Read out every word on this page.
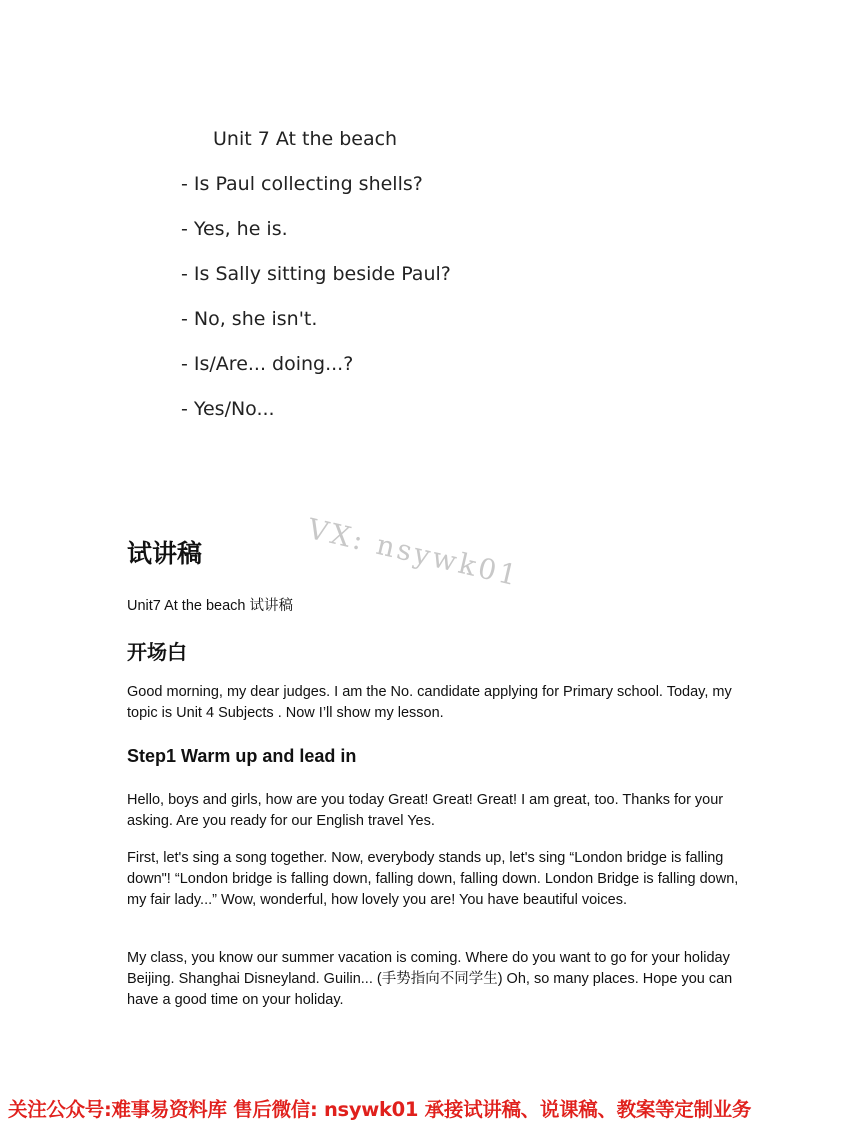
Unit 7 At the beach
- Is Paul collecting shells?
- Yes, he is.
- Is Sally sitting beside Paul?
- No, she isn't.
- Is/Are... doing...?
- Yes/No...
VX: nsywk01
试讲稿
Unit7 At the beach 试讲稿
开场白

Good morning, my dear judges. I am the No. candidate applying for Primary school. Today, my topic is Unit 4 Subjects . Now I’ll show my lesson.

Step1 Warm up and lead in

Hello, boys and girls, how are you today Great! Great! Great! I am great, too. Thanks for your asking. Are you ready for our English travel Yes.

First, let's sing a song together. Now, everybody stands up, let's sing “London bridge is falling down"! “London bridge is falling down, falling down, falling down. London Bridge is falling down, my fair lady...” Wow, wonderful, how lovely you are! You have beautiful voices.

My class, you know our summer vacation is coming. Where do you want to go for your holiday Beijing. Shanghai Disneyland. Guilin... (手势指向不同学生) Oh, so many places. Hope you can have a good time on your holiday.

关注公众号:难事易资料库 售后微信: nsywk01 承接试讲稿、说课稿、教案等定制业务
